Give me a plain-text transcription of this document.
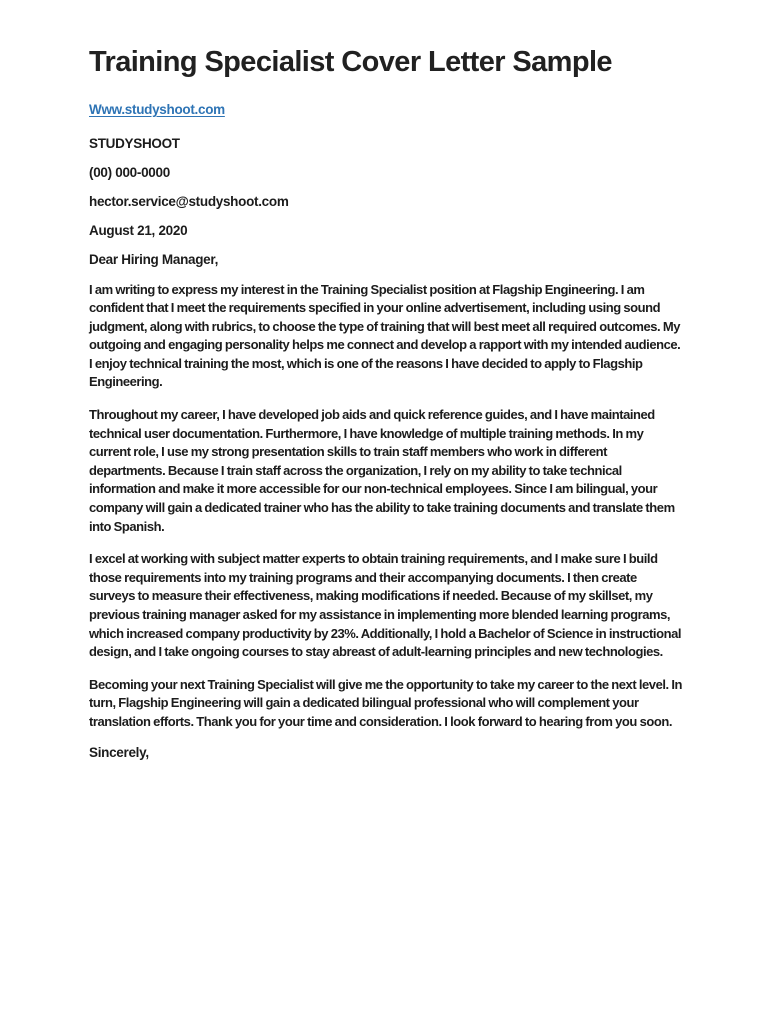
Training Specialist Cover Letter Sample
Www.studyshoot.com
STUDYSHOOT
(00) 000-0000
hector.service@studyshoot.com
August 21, 2020
Dear Hiring Manager,

I am writing to express my interest in the Training Specialist position at Flagship Engineering. I am confident that I meet the requirements specified in your online advertisement, including using sound judgment, along with rubrics, to choose the type of training that will best meet all required outcomes. My outgoing and engaging personality helps me connect and develop a rapport with my intended audience. I enjoy technical training the most, which is one of the reasons I have decided to apply to Flagship Engineering.

Throughout my career, I have developed job aids and quick reference guides, and I have maintained technical user documentation. Furthermore, I have knowledge of multiple training methods. In my current role, I use my strong presentation skills to train staff members who work in different departments. Because I train staff across the organization, I rely on my ability to take technical information and make it more accessible for our non-technical employees. Since I am bilingual, your company will gain a dedicated trainer who has the ability to take training documents and translate them into Spanish.

I excel at working with subject matter experts to obtain training requirements, and I make sure I build those requirements into my training programs and their accompanying documents. I then create surveys to measure their effectiveness, making modifications if needed. Because of my skillset, my previous training manager asked for my assistance in implementing more blended learning programs, which increased company productivity by 23%. Additionally, I hold a Bachelor of Science in instructional design, and I take ongoing courses to stay abreast of adult-learning principles and new technologies.

Becoming your next Training Specialist will give me the opportunity to take my career to the next level. In turn, Flagship Engineering will gain a dedicated bilingual professional who will complement your translation efforts. Thank you for your time and consideration. I look forward to hearing from you soon.

Sincerely,
